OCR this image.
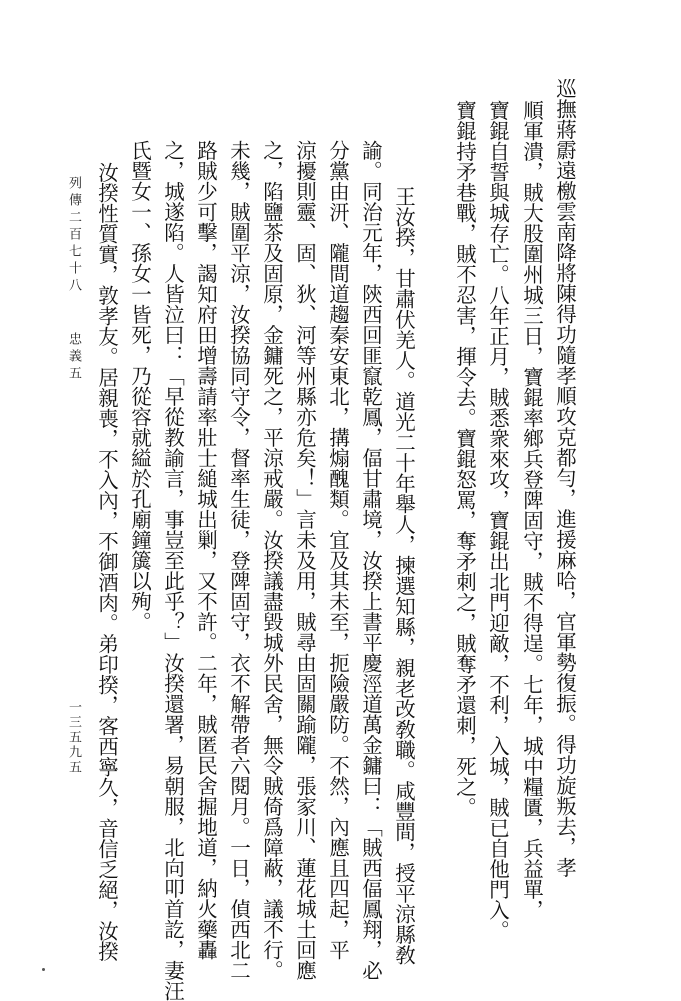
巡撫蔣霨遠檄雲南降將陳得功隨孝順攻克都勻，進援麻哈，官軍勢復振。得功旋叛去，孝
順軍潰，賊大股圍州城三日，寶錕率鄉兵登陴固守，賊不得逞。七年，城中糧匱，兵益單，
寶錕自誓與城存亡。八年正月，賊悉衆來攻，寶錕出北門迎敵，不利，入城，賊已自他門入。
寶錕持矛巷戰，賊不忍害，揮令去。寶錕怒罵，奪矛刺之，賊奪矛還刺，死之。
王汝揆，甘肅伏羌人。道光二十年舉人，揀選知縣，親老改敎職。咸豐間，授平涼縣敎
諭。同治元年，陝西回匪竄乾鳳，偪甘肅境，汝揆上書平慶涇道萬金鏞曰：「賊西偪鳳翔，必
分黨由汧、隴間道趨秦安東北，搆煽醜類。宜及其未至，扼險嚴防。不然，內應且四起，平
涼擾則靈、固、狄、河等州縣亦危矣！」言未及用，賊尋由固關踰隴，張家川、蓮花城土回應
之，陷鹽茶及固原，金鏞死之，平涼戒嚴。汝揆議盡毀城外民舍，無令賊倚爲障蔽，議不行。
未幾，賊圍平涼，汝揆協同守令，督率生徒，登陴固守，衣不解帶者六閱月。一日，偵西北二
路賊少可擊，謁知府田增壽請率壯士縋城出剿，又不許。二年，賊匿民舍掘地道，納火藥轟
之，城遂陷。人皆泣曰：「早從教諭言，事豈至此乎？」汝揆還署，易朝服，北向叩首訖，妻汪
氏暨女一、孫女一皆死，乃從容就縊於孔廟鐘簴以殉。
汝揆性質實，敦孝友。居親喪，不入內，不御酒肉。弟印揆，客西寧久，音信乏絕，汝揆
列傳二百七十八
忠義五
一三五九五
